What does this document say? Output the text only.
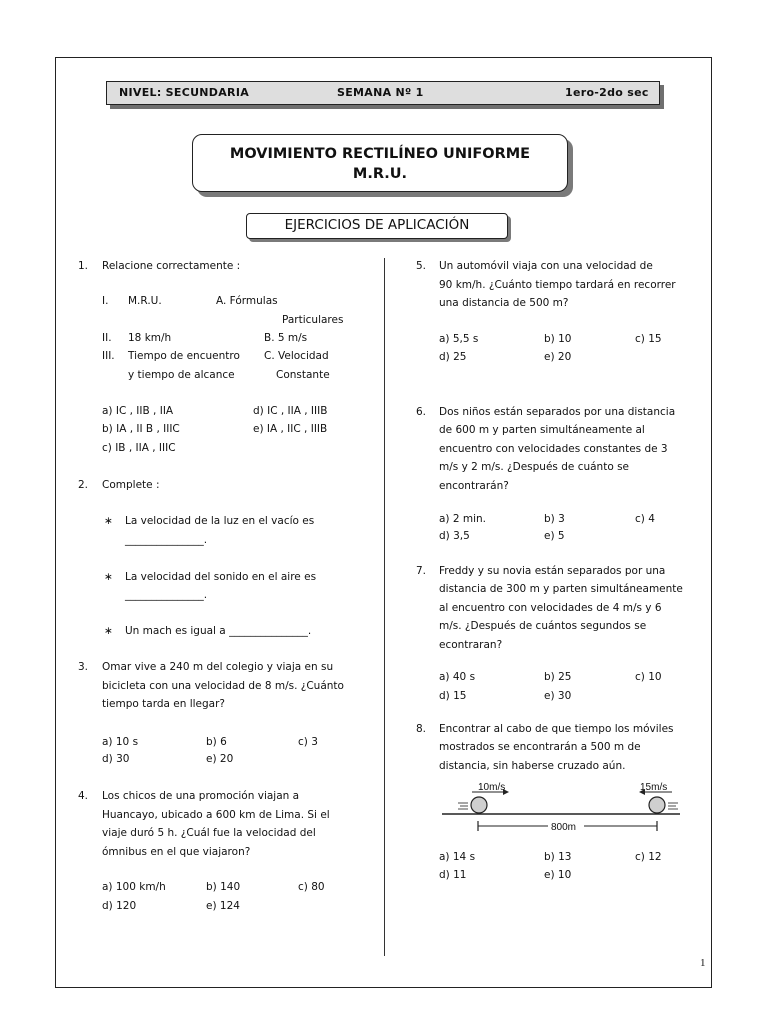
NIVEL: SECUNDARIA	SEMANA Nº 1	1ero-2do sec
MOVIMIENTO RECTILÍNEO UNIFORME
M.R.U.
EJERCICIOS DE APLICACIÓN
1. Relacione correctamente :
I. M.R.U.	A. Fórmulas
Particulares
II. 18 km/h	B. 5 m/s
III. Tiempo de encuentro C. Velocidad
y tiempo de alcance	Constante
a) IC , IIB , IIA	d) IC , IIA , IIIB
b) IA , II B , IIIC	e) IA , IIC , IIIB
c) IB , IIA , IIIC
2. Complete :
∗ La velocidad de la luz en el vacío es
_______________.
∗ La velocidad del sonido en el aire es
_______________.
∗ Un mach es igual a _______________.
3. Omar vive a 240 m del colegio y viaja en su
bicicleta con una velocidad de 8 m/s. ¿Cuánto
tiempo tarda en llegar?
a) 10 s	b) 6	c) 3
d) 30	e) 20
4. Los chicos de una promoción viajan a
Huancayo, ubicado a 600 km de Lima. Si el
viaje duró 5 h. ¿Cuál fue la velocidad del
ómnibus en el que viajaron?
a) 100 km/h	b) 140	c) 80
d) 120	e) 124
5. Un automóvil viaja con una velocidad de
90 km/h. ¿Cuánto tiempo tardará en recorrer
una distancia de 500 m?
a) 5,5 s	b) 10	c) 15
d) 25	e) 20
6. Dos niños están separados por una distancia
de 600 m y parten simultáneamente al
encuentro con velocidades constantes de 3
m/s y 2 m/s. ¿Después de cuánto se
encontrarán?
a) 2 min.	b) 3	c) 4
d) 3,5	e) 5
7. Freddy y su novia están separados por una
distancia de 300 m y parten simultáneamente
al encuentro con velocidades de 4 m/s y 6
m/s. ¿Después de cuántos segundos se
econtraran?
a) 40 s	b) 25	c) 10
d) 15	e) 30
8. Encontrar al cabo de que tiempo los móviles
mostrados se encontrarán a 500 m de
distancia, sin haberse cruzado aún.
10m/s	15m/s
800m
a) 14 s	b) 13	c) 12
d) 11	e) 10
1
